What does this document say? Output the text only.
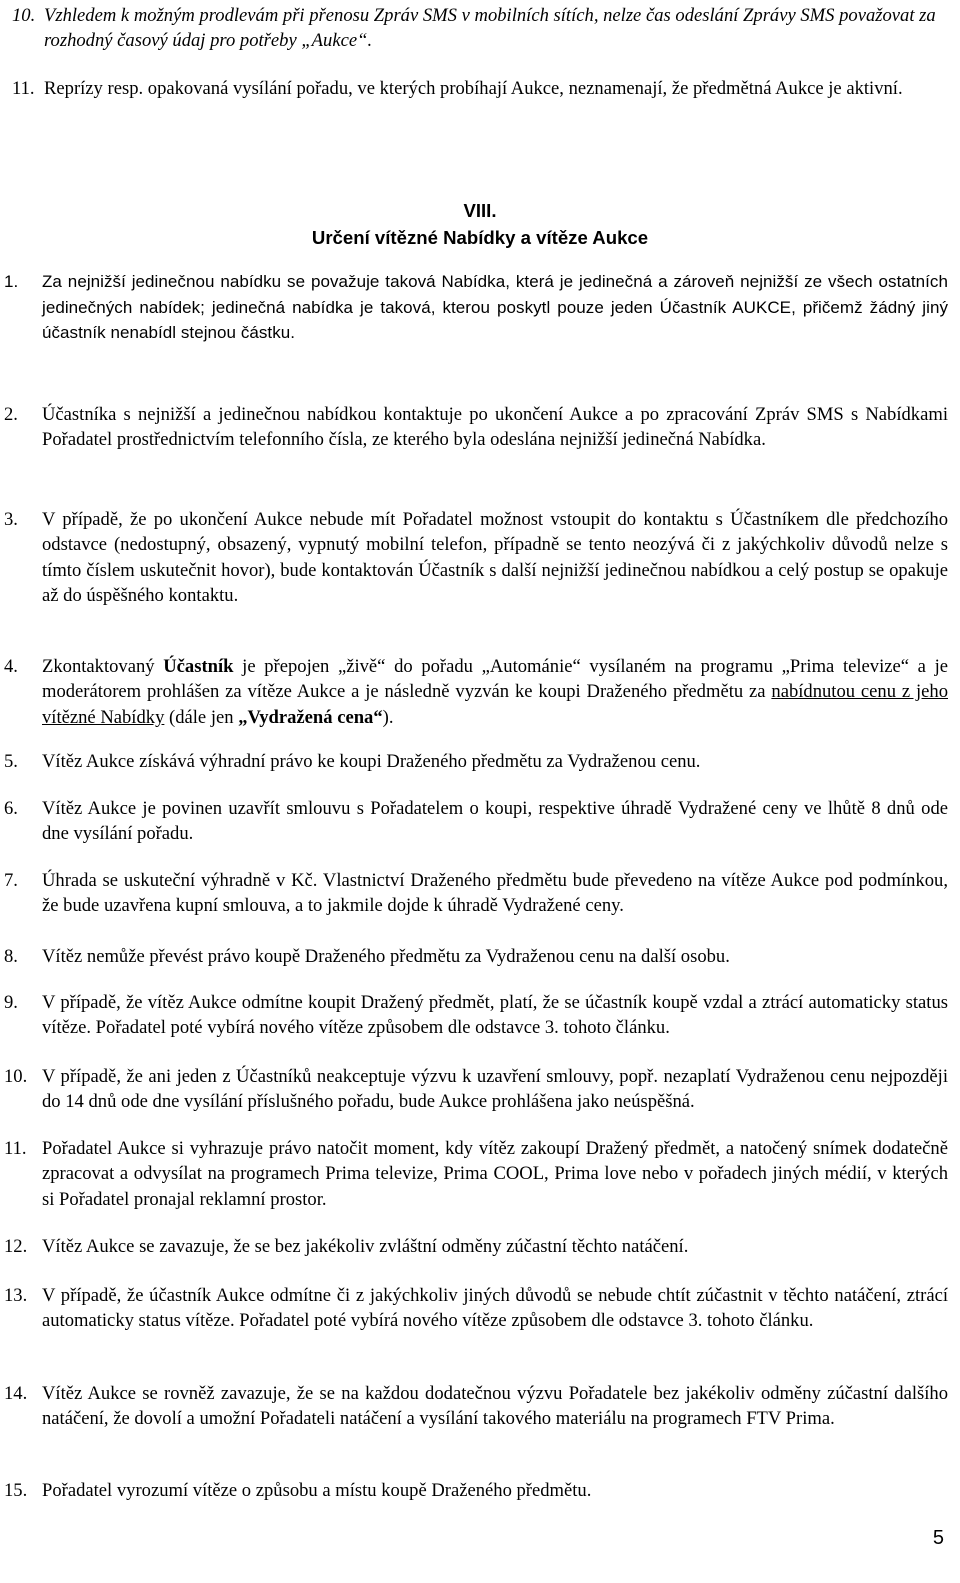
10. Vzhledem k možným prodlevám při přenosu Zpráv SMS v mobilních sítích, nelze čas odeslání Zprávy SMS považovat za rozhodný časový údaj pro potřeby „Aukce“.

11. Reprízy resp. opakovaná vysílání pořadu, ve kterých probíhají Aukce, neznamenají, že předmětná Aukce je aktivní.

VIII.

Určení vítězné Nabídky a vítěze Aukce

1. Za nejnižší jedinečnou nabídku se považuje taková Nabídka, která je jedinečná a zároveň nejnižší ze všech ostatních jedinečných nabídek; jedinečná nabídka je taková, kterou poskytl pouze jeden Účastník AUKCE, přičemž žádný jiný účastník nenabídl stejnou částku.

2. Účastníka s nejnižší a jedinečnou nabídkou kontaktuje po ukončení Aukce a po zpracování Zpráv SMS s Nabídkami Pořadatel prostřednictvím telefonního čísla, ze kterého byla odeslána nejnižší jedinečná Nabídka.

3. V případě, že po ukončení Aukce nebude mít Pořadatel možnost vstoupit do kontaktu s Účastníkem dle předchozího odstavce (nedostupný, obsazený, vypnutý mobilní telefon, případně se tento neozývá či z jakýchkoliv důvodů nelze s tímto číslem uskutečnit hovor), bude kontaktován Účastník s další nejnižší jedinečnou nabídkou a celý postup se opakuje až do úspěšného kontaktu.

4. Zkontaktovaný Účastník je přepojen „živě“ do pořadu „Autománie“ vysílaném na programu „Prima televize“ a je moderátorem prohlášen za vítěze Aukce a je následně vyzván ke koupi Draženého předmětu za nabídnutou cenu z jeho vítězné Nabídky (dále jen „Vydražená cena“).

5. Vítěz Aukce získává výhradní právo ke koupi Draženého předmětu za Vydraženou cenu.

6. Vítěz Aukce je povinen uzavřít smlouvu s Pořadatelem o koupi, respektive úhradě Vydražené ceny ve lhůtě 8 dnů ode dne vysílání pořadu.

7. Úhrada se uskuteční výhradně v Kč. Vlastnictví Draženého předmětu bude převedeno na vítěze Aukce pod podmínkou, že bude uzavřena kupní smlouva, a to jakmile dojde k úhradě Vydražené ceny.

8. Vítěz nemůže převést právo koupě Draženého předmětu za Vydraženou cenu na další osobu.

9. V případě, že vítěz Aukce odmítne koupit Dražený předmět, platí, že se účastník koupě vzdal a ztrácí automaticky status vítěze. Pořadatel poté vybírá nového vítěze způsobem dle odstavce 3. tohoto článku.

10. V případě, že ani jeden z Účastníků neakceptuje výzvu k uzavření smlouvy, popř. nezaplatí Vydraženou cenu nejpozději do 14 dnů ode dne vysílání příslušného pořadu, bude Aukce prohlášena jako neúspěšná.

11. Pořadatel Aukce si vyhrazuje právo natočit moment, kdy vítěz zakoupí Dražený předmět, a natočený snímek dodatečně zpracovat a odvysílat na programech Prima televize, Prima COOL, Prima love nebo v pořadech jiných médií, v kterých si Pořadatel pronajal reklamní prostor.

12. Vítěz Aukce se zavazuje, že se bez jakékoliv zvláštní odměny zúčastní těchto natáčení.

13. V případě, že účastník Aukce odmítne či z jakýchkoliv jiných důvodů se nebude chtít zúčastnit v těchto natáčení, ztrácí automaticky status vítěze. Pořadatel poté vybírá nového vítěze způsobem dle odstavce 3. tohoto článku.

14. Vítěz Aukce se rovněž zavazuje, že se na každou dodatečnou výzvu Pořadatele bez jakékoliv odměny zúčastní dalšího natáčení, že dovolí a umožní Pořadateli natáčení a vysílání takového materiálu na programech FTV Prima.

15. Pořadatel vyrozumí vítěze o způsobu a místu koupě Draženého předmětu.

5
